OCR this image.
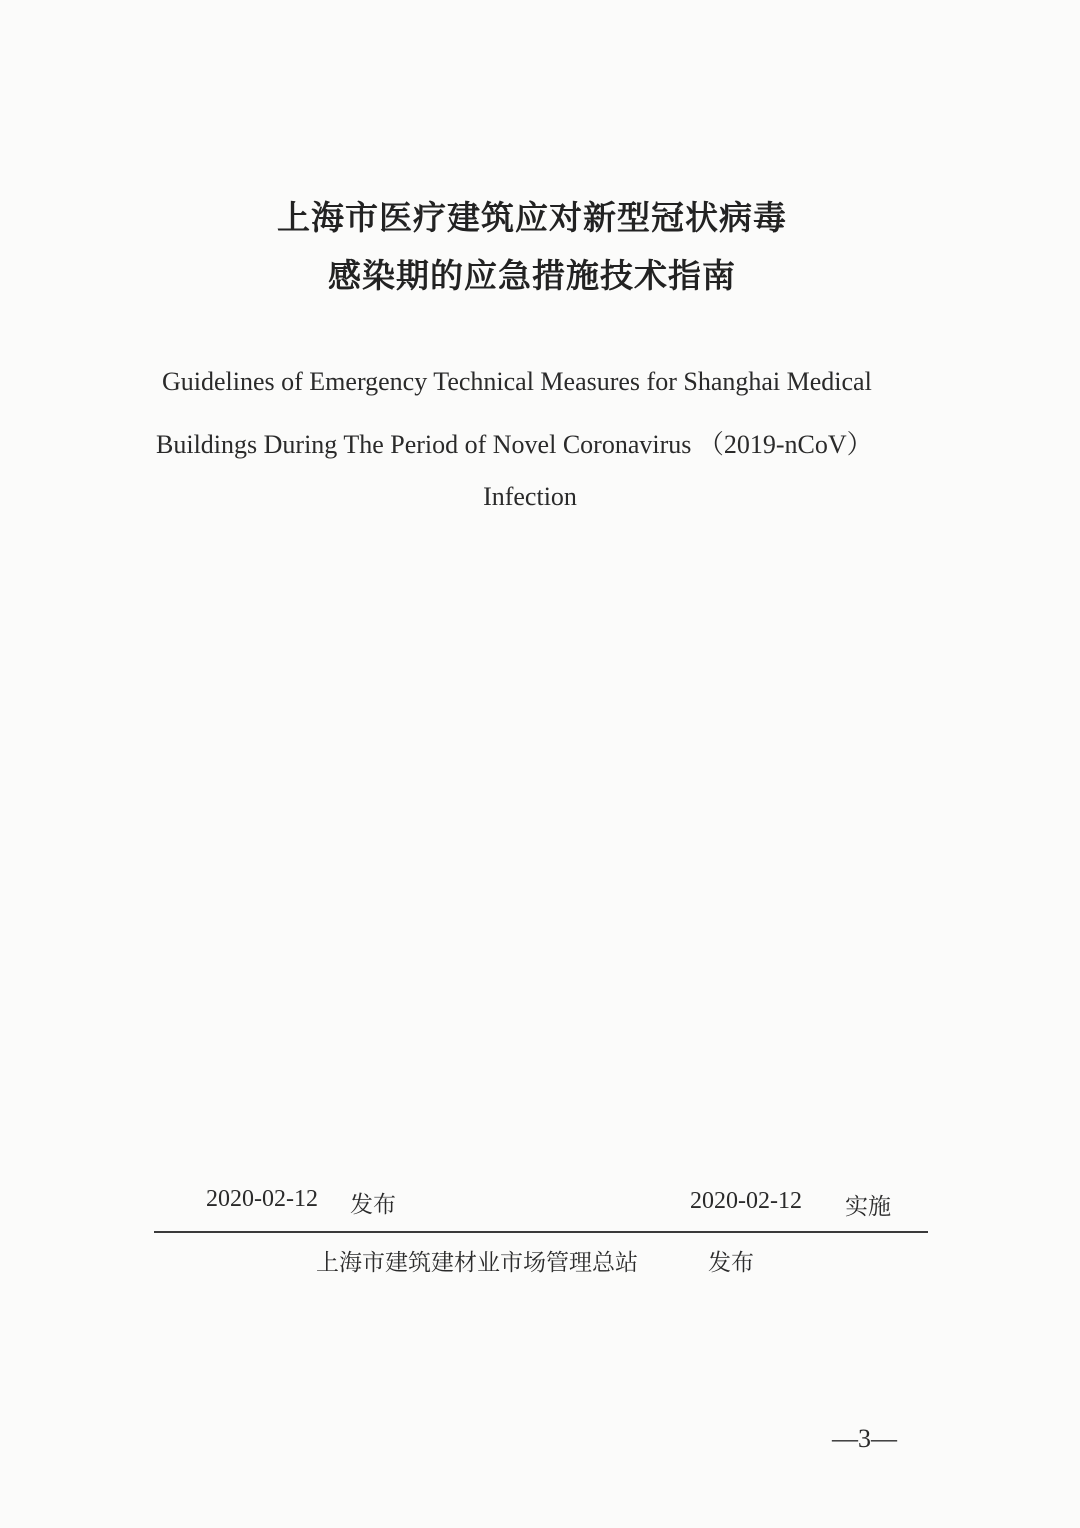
上海市医疗建筑应对新型冠状病毒
感染期的应急措施技术指南
Guidelines of Emergency Technical Measures for Shanghai Medical
Buildings During The Period of Novel Coronavirus （2019-nCoV）
Infection
2020-02-12 发布	2020-02-12 实施
上海市建筑建材业市场管理总站	发布
—3—
